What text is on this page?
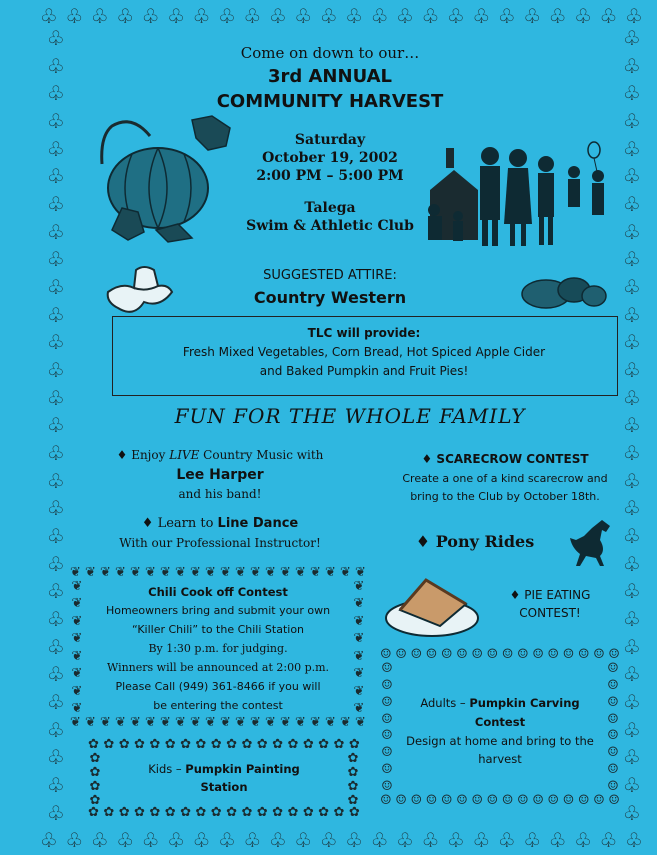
♧ ♧ ♧ ♧ ♧ ♧ ♧ ♧ ♧ ♧ ♧ ♧ ♧ ♧ ♧ ♧ ♧ ♧ ♧ ♧ ♧ ♧ ♧ ♧
♧ ♧ ♧ ♧ ♧ ♧ ♧ ♧ ♧ ♧ ♧ ♧ ♧ ♧ ♧ ♧ ♧ ♧ ♧ ♧ ♧ ♧ ♧ ♧
♧
♧
♧
♧
♧
♧
♧
♧
♧
♧
♧
♧
♧
♧
♧
♧
♧
♧
♧
♧
♧
♧
♧
♧
♧
♧
♧
♧
♧
♧
♧
♧
♧
♧
♧
♧
♧
♧
♧
♧
♧
♧
♧
♧
♧
♧
♧
♧
♧
♧
♧
♧
♧
♧
♧
♧
♧
♧
Come on down to our…
3rd ANNUAL
COMMUNITY HARVEST
Saturday
October 19, 2002
2:00 PM – 5:00 PM
Talega
Swim & Athletic Club
SUGGESTED ATTIRE:
Country Western
TLC will provide:
Fresh Mixed Vegetables, Corn Bread, Hot Spiced Apple Cider
and Baked Pumpkin and Fruit Pies!
FUN FOR THE WHOLE FAMILY
♦ Enjoy LIVE Country Music with
Lee Harper
and his band!
♦ Learn to Line Dance
With our Professional Instructor!
♦ SCARECROW CONTEST
Create a one of a kind scarecrow and
bring to the Club by October 18th.
♦ Pony Rides
♦ PIE EATING
CONTEST!
❦ ❦ ❦ ❦ ❦ ❦ ❦ ❦ ❦ ❦ ❦ ❦ ❦ ❦ ❦ ❦ ❦ ❦ ❦ ❦
❦ ❦ ❦ ❦ ❦ ❦ ❦ ❦ ❦ ❦ ❦ ❦ ❦ ❦ ❦ ❦ ❦ ❦ ❦ ❦
❦
❦
❦
❦
❦
❦
❦
❦
❦
❦
❦
❦
❦
❦
❦
❦
Chili Cook off Contest
Homeowners bring and submit your own
“Killer Chili” to the Chili Station
By 1:30 p.m. for judging.
Winners will be announced at 2:00 p.m.
Please Call (949) 361-8466 if you will
be entering the contest
✿ ✿ ✿ ✿ ✿ ✿ ✿ ✿ ✿ ✿ ✿ ✿ ✿ ✿ ✿ ✿ ✿ ✿
✿ ✿ ✿ ✿ ✿ ✿ ✿ ✿ ✿ ✿ ✿ ✿ ✿ ✿ ✿ ✿ ✿ ✿
✿
✿
✿
✿
✿
✿
✿
✿
Kids – Pumpkin Painting
Station
☺ ☺ ☺ ☺ ☺ ☺ ☺ ☺ ☺ ☺ ☺ ☺ ☺ ☺ ☺ ☺
☺ ☺ ☺ ☺ ☺ ☺ ☺ ☺ ☺ ☺ ☺ ☺ ☺ ☺ ☺ ☺
☺
☺
☺
☺
☺
☺
☺
☺
☺
☺
☺
☺
☺
☺
☺
☺
Adults – Pumpkin Carving
Contest
Design at home and bring to the
harvest
